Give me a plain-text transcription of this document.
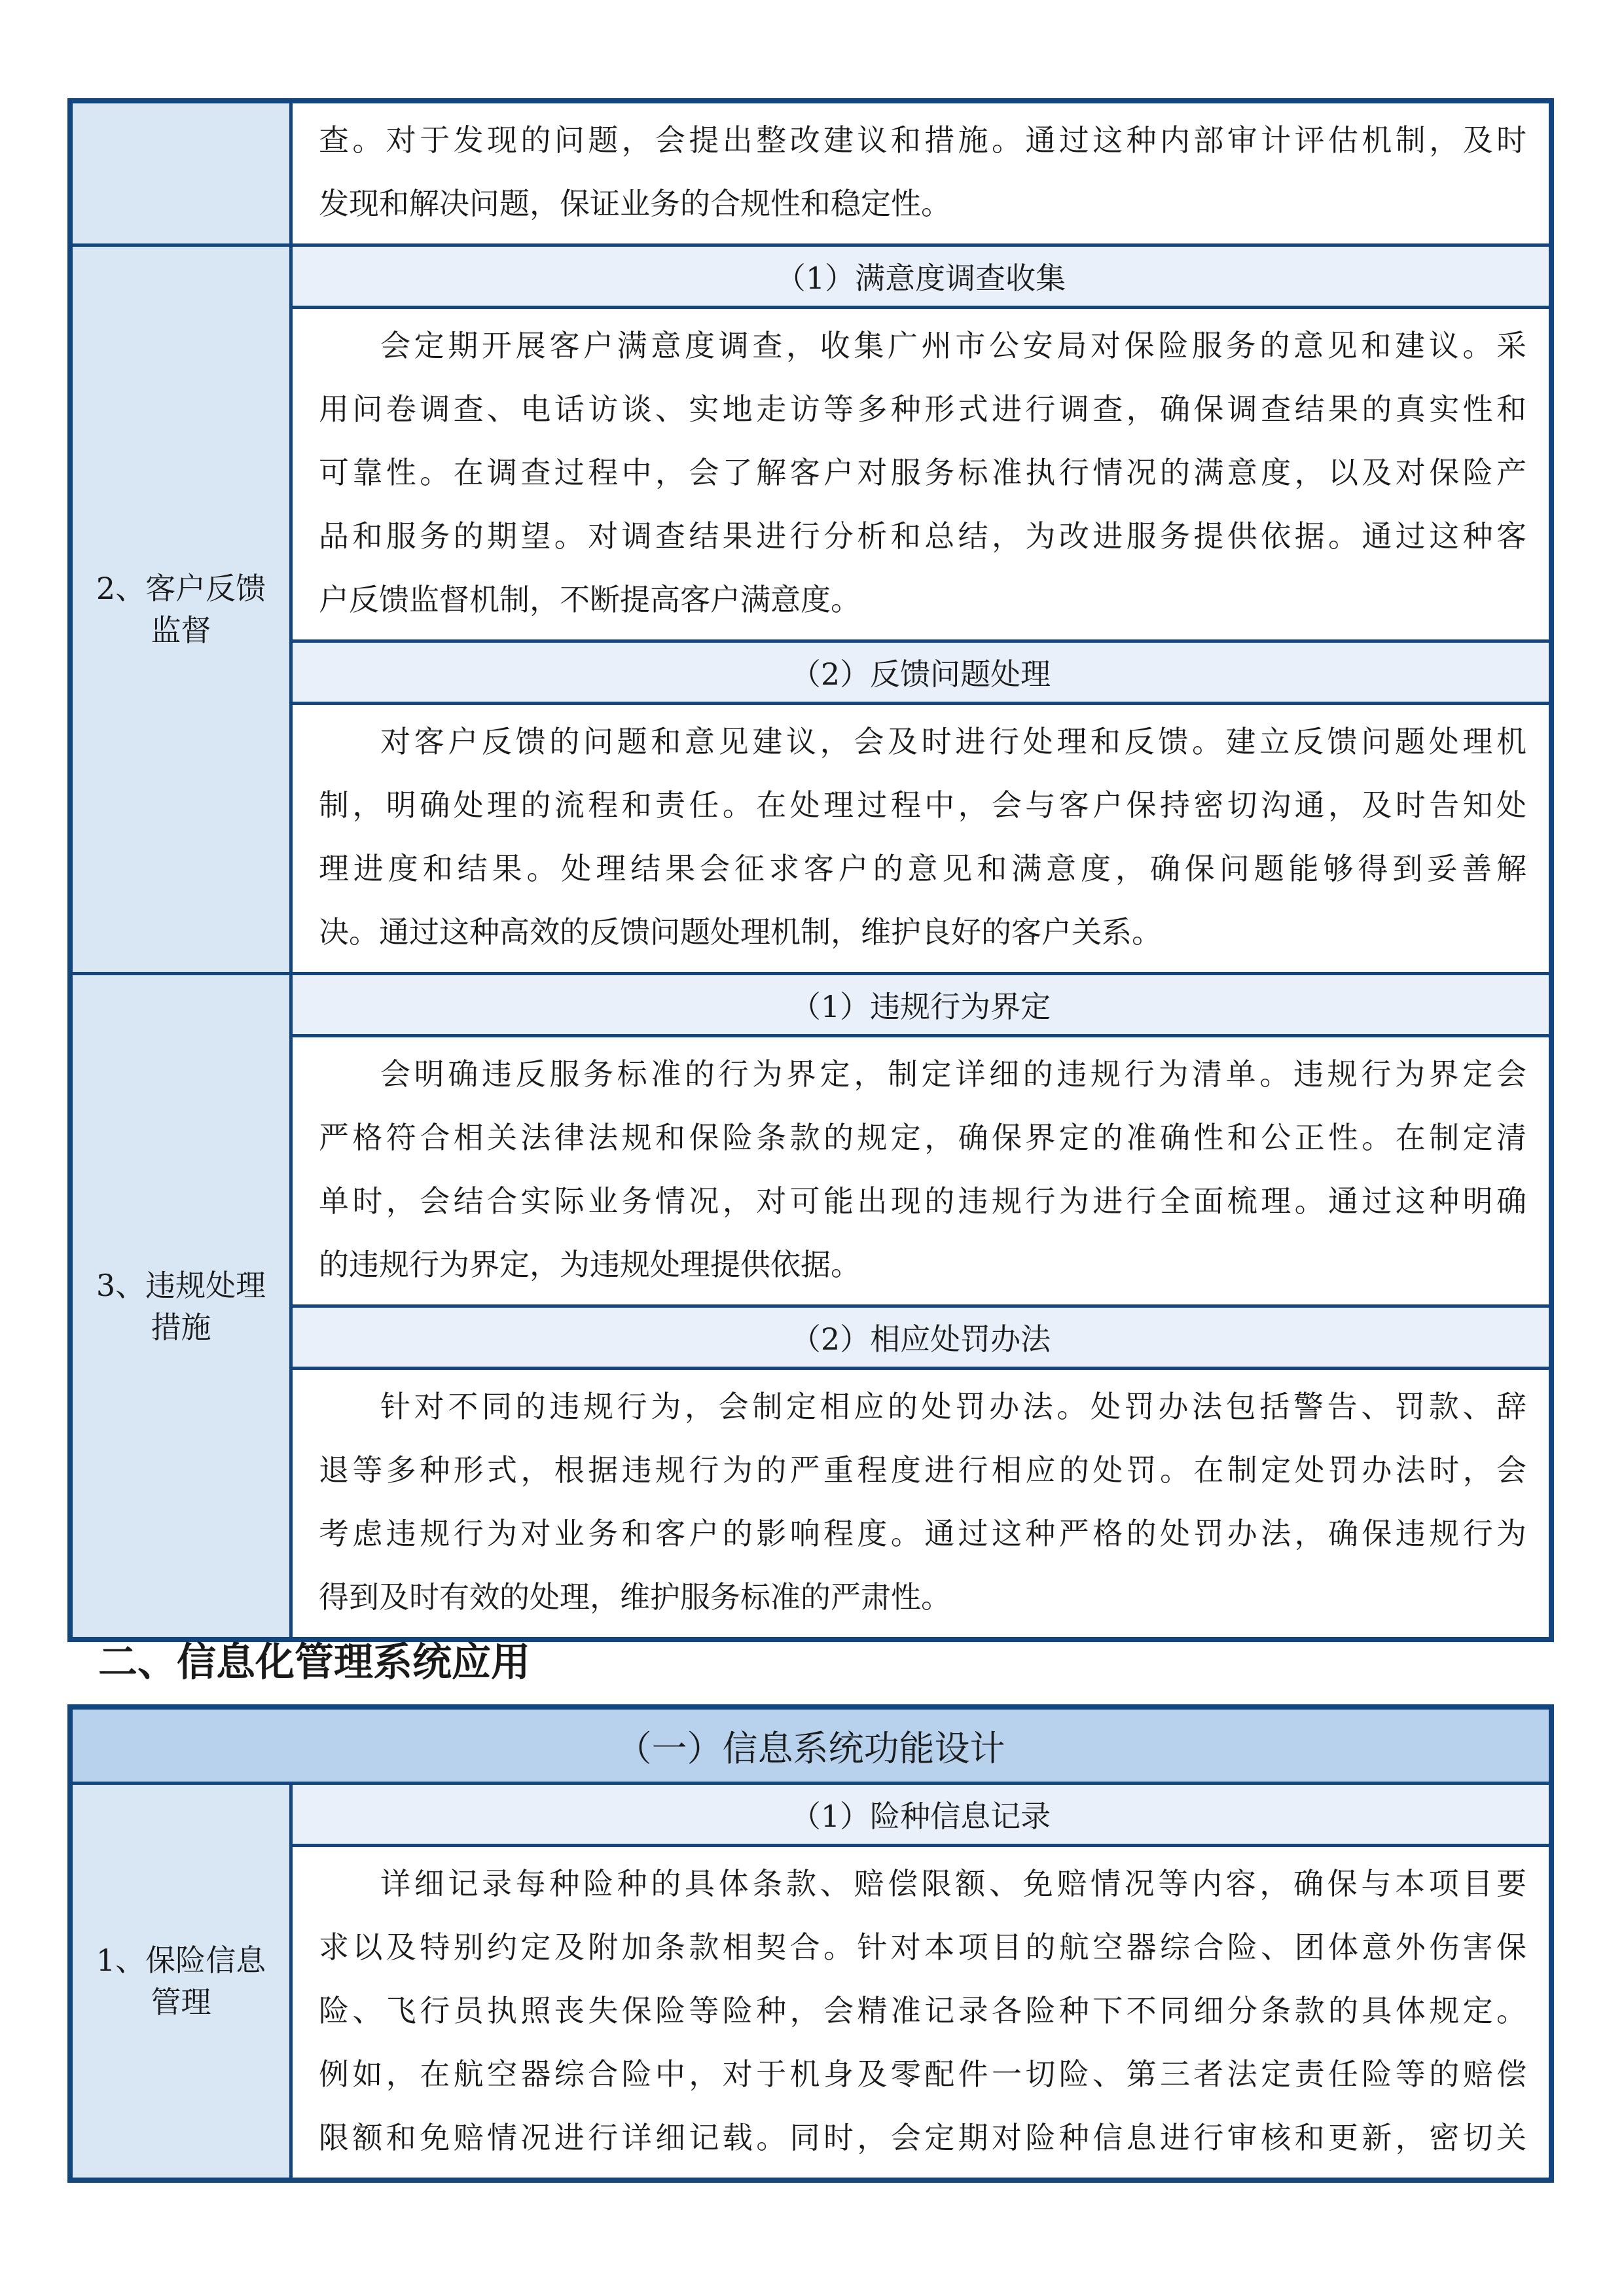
查。对于发现的问题，会提出整改建议和措施。通过这种内部审计评估机制，及时
发现和解决问题，保证业务的合规性和稳定性。
2、客户反馈监督
（1）满意度调查收集
会定期开展客户满意度调查，收集广州市公安局对保险服务的意见和建议。采
用问卷调查、电话访谈、实地走访等多种形式进行调查，确保调查结果的真实性和
可靠性。在调查过程中，会了解客户对服务标准执行情况的满意度，以及对保险产
品和服务的期望。对调查结果进行分析和总结，为改进服务提供依据。通过这种客
户反馈监督机制，不断提高客户满意度。
（2）反馈问题处理
对客户反馈的问题和意见建议，会及时进行处理和反馈。建立反馈问题处理机
制，明确处理的流程和责任。在处理过程中，会与客户保持密切沟通，及时告知处
理进度和结果。处理结果会征求客户的意见和满意度，确保问题能够得到妥善解
决。通过这种高效的反馈问题处理机制，维护良好的客户关系。
3、违规处理措施
（1）违规行为界定
会明确违反服务标准的行为界定，制定详细的违规行为清单。违规行为界定会
严格符合相关法律法规和保险条款的规定，确保界定的准确性和公正性。在制定清
单时，会结合实际业务情况，对可能出现的违规行为进行全面梳理。通过这种明确
的违规行为界定，为违规处理提供依据。
（2）相应处罚办法
针对不同的违规行为，会制定相应的处罚办法。处罚办法包括警告、罚款、辞
退等多种形式，根据违规行为的严重程度进行相应的处罚。在制定处罚办法时，会
考虑违规行为对业务和客户的影响程度。通过这种严格的处罚办法，确保违规行为
得到及时有效的处理，维护服务标准的严肃性。
二、信息化管理系统应用
（一）信息系统功能设计
1、保险信息管理
（1）险种信息记录
详细记录每种险种的具体条款、赔偿限额、免赔情况等内容，确保与本项目要
求以及特别约定及附加条款相契合。针对本项目的航空器综合险、团体意外伤害保
险、飞行员执照丧失保险等险种，会精准记录各险种下不同细分条款的具体规定。
例如，在航空器综合险中，对于机身及零配件一切险、第三者法定责任险等的赔偿
限额和免赔情况进行详细记载。同时，会定期对险种信息进行审核和更新，密切关
